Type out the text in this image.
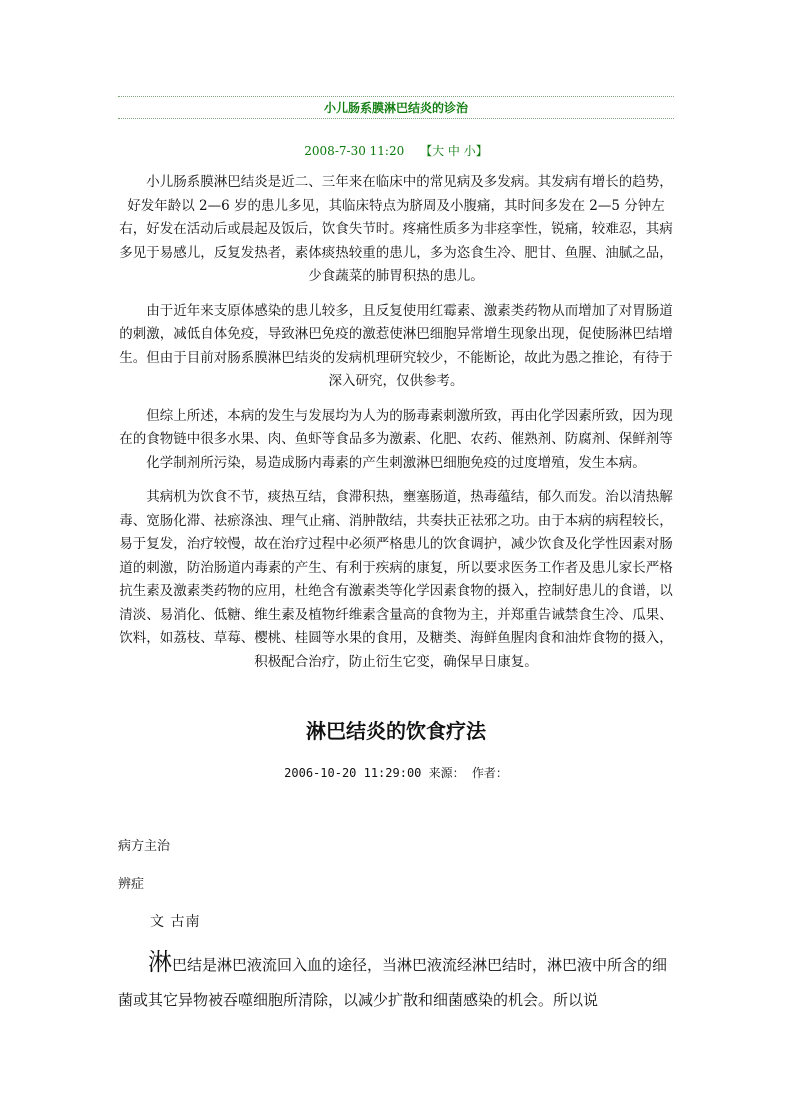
小儿肠系膜淋巴结炎的诊治
2008-7-30 11:20 【大 中 小】

小儿肠系膜淋巴结炎是近二、三年来在临床中的常见病及多发病。其发病有增长的趋势，好发年龄以 2—6 岁的患儿多见，其临床特点为脐周及小腹痛，其时间多发在 2—5 分钟左右，好发在活动后或晨起及饭后，饮食失节时。疼痛性质多为非痉挛性，锐痛，较难忍，其病多见于易感儿，反复发热者，素体痰热较重的患儿，多为恣食生冷、肥甘、鱼腥、油腻之品，少食蔬菜的肺胃积热的患儿。

由于近年来支原体感染的患儿较多，且反复使用红霉素、激素类药物从而增加了对胃肠道的刺激，减低自体免疫，导致淋巴免疫的激惹使淋巴细胞异常增生现象出现，促使肠淋巴结增生。但由于目前对肠系膜淋巴结炎的发病机理研究较少，不能断论，故此为愚之推论，有待于深入研究，仅供参考。

但综上所述，本病的发生与发展均为人为的肠毒素刺激所致，再由化学因素所致，因为现在的食物链中很多水果、肉、鱼虾等食品多为激素、化肥、农药、催熟剂、防腐剂、保鲜剂等化学制剂所污染，易造成肠内毒素的产生刺激淋巴细胞免疫的过度增殖，发生本病。

其病机为饮食不节，痰热互结，食滞积热，壅塞肠道，热毒蕴结，郁久而发。治以清热解毒、宽肠化滞、祛瘀涤浊、理气止痛、消肿散结，共奏扶正祛邪之功。由于本病的病程较长，易于复发，治疗较慢，故在治疗过程中必须严格患儿的饮食调护，减少饮食及化学性因素对肠道的刺激，防治肠道内毒素的产生、有利于疾病的康复，所以要求医务工作者及患儿家长严格抗生素及激素类药物的应用，杜绝含有激素类等化学因素食物的摄入，控制好患儿的食谱，以清淡、易消化、低糖、维生素及植物纤维素含量高的食物为主，并郑重告诫禁食生冷、瓜果、饮料，如荔枝、草莓、樱桃、桂圆等水果的食用，及糖类、海鲜鱼腥肉食和油炸食物的摄入，积极配合治疗，防止衍生它变，确保早日康复。

淋巴结炎的饮食疗法
2006-10-20 11:29:00 来源： 作者：
病方主治
辨症
文 古南

淋巴结是淋巴液流回入血的途径，当淋巴液流经淋巴结时，淋巴液中所含的细菌或其它异物被吞噬细胞所清除，以减少扩散和细菌感染的机会。所以说
